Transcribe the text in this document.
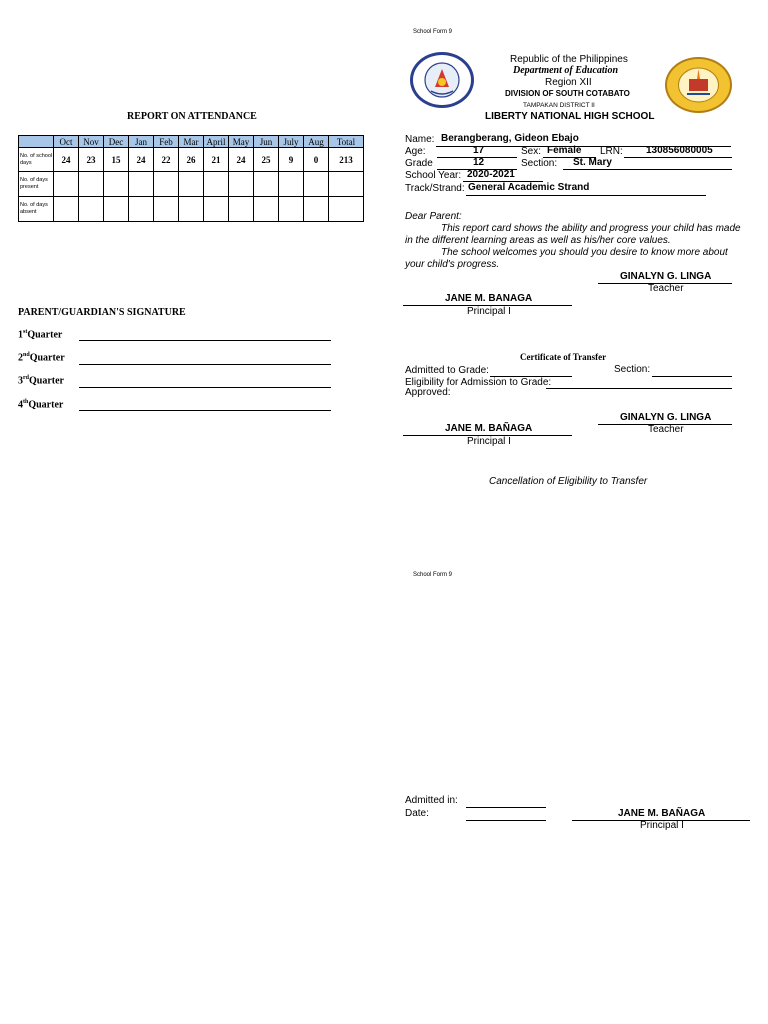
REPORT ON ATTENDANCE
	Oct	Nov	Dec	Jan	Feb	Mar	April	May	Jun	July	Aug	Total
No. of school days	24	23	15	24	22	26	21	24	25	9	0	213
No. of days present												
No. of days absent												
PARENT/GUARDIAN'S SIGNATURE
1stQuarter
2ndQuarter
3rdQuarter
4thQuarter
School Form 9
Republic of the Philippines
Department of Education
Region XII
DIVISION OF SOUTH COTABATO
TAMPAKAN DISTRICT II
LIBERTY NATIONAL HIGH SCHOOL
Name: Berangberang, Gideon Ebajo
Age:	17	Sex: Female LRN: 130856080005
Grade	12	Section: St. Mary
School Year: 2020-2021
Track/Strand: General Academic Strand
Dear Parent:
This report card shows the ability and progress your child has made
in the different learning areas as well as his/her core values.
The school welcomes you should you desire to know more about
your child's progress.
GINALYN G. LINGA
Teacher
JANE M. BANAGA
Principal I
Certificate of Transfer
Admitted to Grade:	Section:
Eligibility for Admission to Grade:
Approved:
GINALYN G. LINGA
Teacher
JANE M. BAÑAGA
Principal I
Cancellation of Eligibility to Transfer
School Form 9
Admitted in:
Date:	JANE M. BAÑAGA
Principal I
